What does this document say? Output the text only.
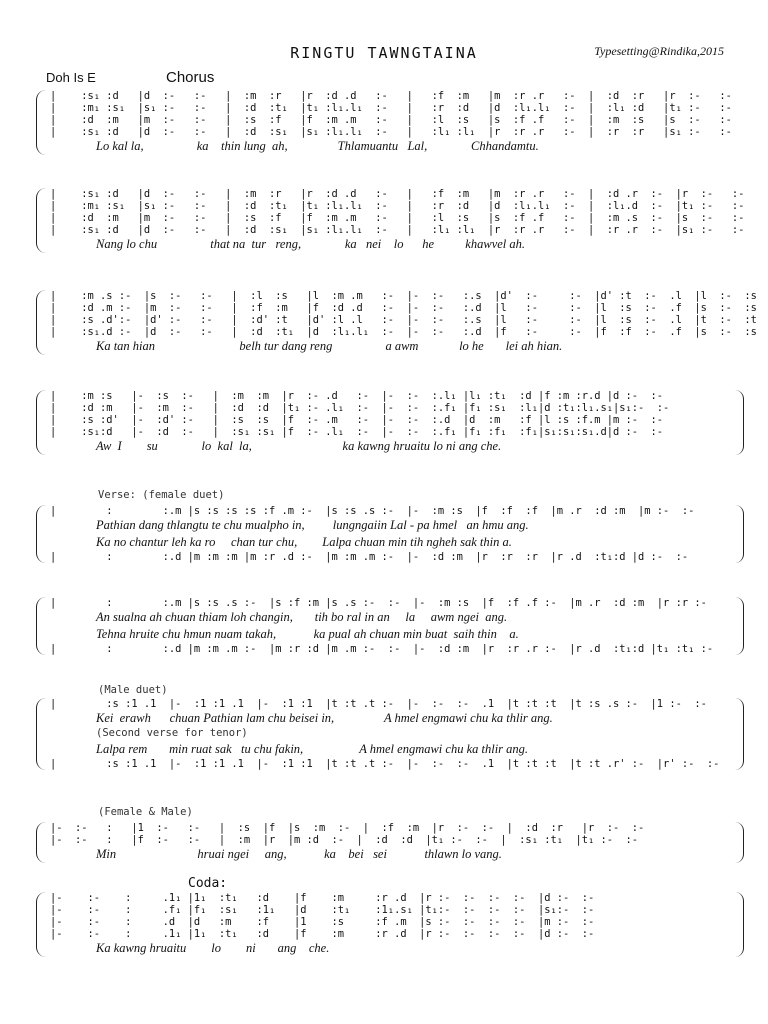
RINGTU TAWNGTAINA	Typesetting@Rindika,2015
Doh Is E	Chorus
|    :s₁ :d   |d  :-   :-   |  :m  :r   |r  :d .d   :-   |   :f  :m   |m  :r .r   :-  |  :d  :r   |r  :-   :-
|    :m₁ :s₁  |s₁ :-   :-   |  :d  :t₁  |t₁ :l₁.l₁  :-   |   :r  :d   |d  :l₁.l₁  :-  |  :l₁ :d   |t₁ :-   :-
|    :d  :m   |m  :-   :-   |  :s  :f   |f  :m .m   :-   |   :l  :s   |s  :f .f   :-  |  :m  :s   |s  :-   :-
|    :s₁ :d   |d  :-   :-   |  :d  :s₁  |s₁ :l₁.l₁  :-   |   :l₁ :l₁  |r  :r .r   :-  |  :r  :r   |s₁ :-   :-
Lo kal la,                 ka    thin lung  ah,                Thlamuantu   Lal,              Chhandamtu.
|    :s₁ :d   |d  :-   :-   |  :m  :r   |r  :d .d   :-   |   :f  :m   |m  :r .r   :-  |  :d .r  :-  |r  :-   :-
|    :m₁ :s₁  |s₁ :-   :-   |  :d  :t₁  |t₁ :l₁.l₁  :-   |   :r  :d   |d  :l₁.l₁  :-  |  :l₁.d  :-  |t₁ :-   :-
|    :d  :m   |m  :-   :-   |  :s  :f   |f  :m .m   :-   |   :l  :s   |s  :f .f   :-  |  :m .s  :-  |s  :-   :-
|    :s₁ :d   |d  :-   :-   |  :d  :s₁  |s₁ :l₁.l₁  :-   |   :l₁ :l₁  |r  :r .r   :-  |  :r .r  :-  |s₁ :-   :-
Nang lo chu                 that na  tur   reng,              ka   nei    lo      he          khawvel ah.
|    :m .s :-  |s  :-   :-   |  :l  :s   |l  :m .m   :-  |-  :-   :.s  |d'  :-     :-  |d' :t  :-  .l  |l  :-  :s
|    :d .m :-  |m  :-   :-   |  :f  :m   |f  :d .d   :-  |-  :-   :.d  |l   :-     :-  |l  :s  :-  .f  |s  :-  :s
|    :s .d':-  |d' :-   :-   |  :d' :t   |d' :l .l   :-  |-  :-   :.s  |l   :-     :-  |l  :s  :-  .l  |t  :-  :t
|    :s₁.d :-  |d  :-   :-   |  :d  :t₁  |d  :l₁.l₁  :-  |-  :-   :.d  |f   :-     :-  |f  :f  :-  .f  |s  :-  :s
Ka tan hian                           belh tur dang reng                 a awm             lo he       lei ah hian.
|    :m :s   |-  :s  :-   |  :m  :m  |r  :- .d   :-  |-  :-  :.l₁ |l₁ :t₁  :d |f :m :r.d |d :-  :-
|    :d :m   |-  :m  :-   |  :d  :d  |t₁ :- .l₁  :-  |-  :-  :.f₁ |f₁ :s₁  :l₁|d :t₁:l₁.s₁|s₁:-  :-
|    :s :d'  |-  :d' :-   |  :s  :s  |f  :- .m   :-  |-  :-  :.d  |d  :m   :f |l :s :f.m |m :-  :-
|    :s₁:d   |-  :d  :-   |  :s₁ :s₁ |f  :- .l₁  :-  |-  :-  :.f₁ |f₁ :f₁  :f₁|s₁:s₁:s₁.d|d :-  :-
Aw  I        su              lo  kal  la,                             ka kawng hruaitu lo ni ang che.
Verse: (female duet)
|        :        :.m |s :s :s :s :f .m :-  |s :s .s :-  |-  :m :s  |f  :f  :f  |m .r  :d :m  |m :-  :-
Pathian dang thlangtu te chu mualpho in,         lungngaiin Lal - pa hmel   an hmu ang.
Ka no chantur leh ka ro     chan tur chu,        Lalpa chuan min tih ngheh sak thin a.
|        :        :.d |m :m :m |m :r .d :-  |m :m .m :-  |-  :d :m  |r  :r  :r  |r .d  :t₁:d |d :-  :-
|        :        :.m |s :s .s :-  |s :f :m |s .s :-  :-  |-  :m :s  |f  :f .f :-  |m .r  :d :m  |r :r :-
An sualna ah chuan thiam loh changin,       tih bo ral in an     la     awm ngei  ang.
Tehna hruite chu hmun nuam takah,            ka pual ah chuan min buat  saih thin    a.
|        :        :.d |m :m .m :-  |m :r :d |m .m :-  :-  |-  :d :m  |r  :r .r :-  |r .d  :t₁:d |t₁ :t₁ :-
(Male duet)
|        :s :1 .1  |-  :1 :1 .1  |-  :1 :1  |t :t .t :-  |-  :-  :-  .1  |t :t :t  |t :s .s :-  |1 :-  :-
Kei  erawh      chuan Pathian lam chu beisei in,                A hmel engmawi chu ka thlir ang.
(Second verse for tenor)
Lalpa rem       min ruat sak   tu chu fakin,                  A hmel engmawi chu ka thlir ang.
|        :s :1 .1  |-  :1 :1 .1  |-  :1 :1  |t :t .t :-  |-  :-  :-  .1  |t :t :t  |t :t .r' :-  |r' :-  :-
(Female & Male)
|-  :-   :   |1  :-   :-   |  :s  |f  |s  :m  :-  |  :f  :m  |r  :-  :-  |  :d  :r   |r  :-  :-
|-  :-   :   |f  :-   :-   |  :m  |r  |m :d  :-  |  :d  :d  |t₁ :-  :-  |  :s₁ :t₁  |t₁ :-  :-
Min                          hruai ngei     ang,            ka    bei   sei            thlawn lo vang.
Coda:
|-    :-    :     .1₁ |1₁  :t₁   :d    |f    :m     :r .d  |r :-  :-  :-  :-  |d :-  :-
|-    :-    :     .f₁ |f₁  :s₁   :1₁   |d    :t₁    :1₁.s₁ |t₁:-  :-  :-  :-  |s₁:-  :-
|-    :-    :     .d  |d   :m    :f    |1    :s     :f .m  |s :-  :-  :-  :-  |m :-  :-
|-    :-    :     .1₁ |1₁  :t₁   :d    |f    :m     :r .d  |r :-  :-  :-  :-  |d :-  :-
Ka kawng hruaitu        lo        ni       ang    che.
